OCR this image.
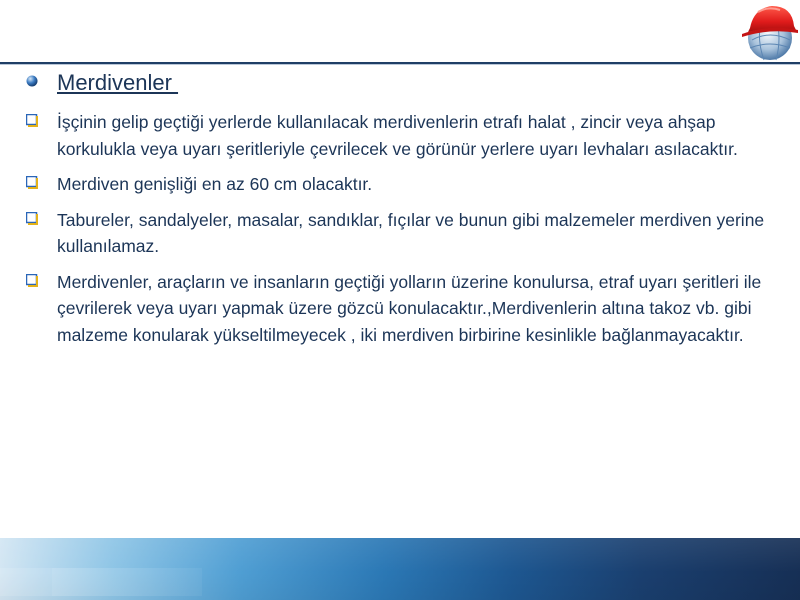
Merdivenler
İşçinin gelip geçtiği yerlerde kullanılacak merdivenlerin etrafı halat , zincir veya ahşap korkulukla veya uyarı şeritleriyle çevrilecek ve görünür yerlere uyarı levhaları asılacaktır.
Merdiven genişliği en az 60 cm olacaktır.
Tabureler, sandalyeler, masalar, sandıklar, fıçılar ve bunun gibi malzemeler merdiven yerine kullanılamaz.
Merdivenler, araçların ve insanların geçtiği yolların üzerine konulursa, etraf uyarı şeritleri ile çevrilerek veya uyarı yapmak üzere gözcü konulacaktır.,Merdivenlerin altına takoz vb. gibi malzeme konularak yükseltilmeyecek , iki merdiven birbirine kesinlikle bağlanmayacaktır.
